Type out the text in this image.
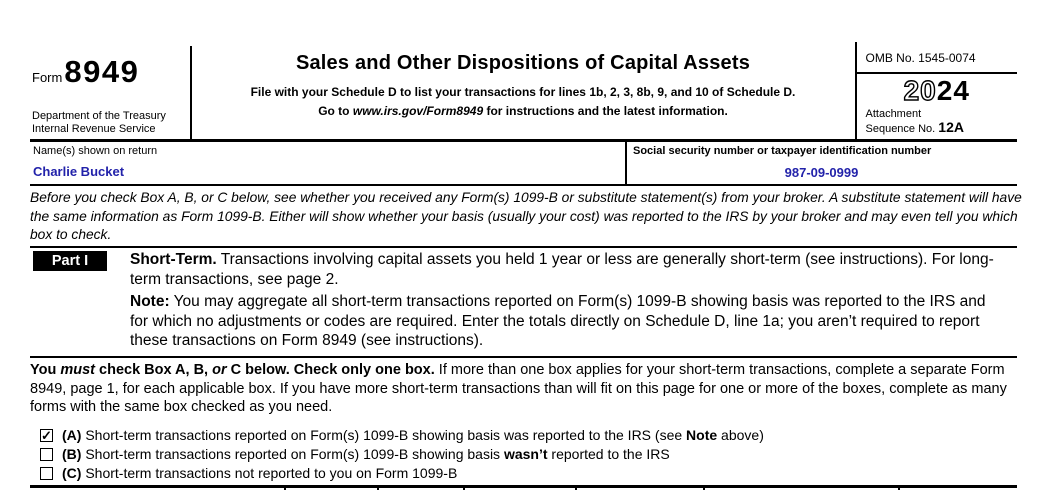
Form8949
Department of the Treasury
Internal Revenue Service
Sales and Other Dispositions of Capital Assets
File with your Schedule D to list your transactions for lines 1b, 2, 3, 8b, 9, and 10 of Schedule D.
Go to www.irs.gov/Form8949 for instructions and the latest information.
OMB No. 1545-0074
2024
Attachment
Sequence No. 12A
Name(s) shown on return
Charlie Bucket
Social security number or taxpayer identification number
987-09-0999
Before you check Box A, B, or C below, see whether you received any Form(s) 1099-B or substitute statement(s) from your broker. A substitute statement will have the same information as Form 1099-B. Either will show whether your basis (usually your cost) was reported to the IRS by your broker and may even tell you which box to check.
Part I	Short-Term. Transactions involving capital assets you held 1 year or less are generally short-term (see instructions). For long-term transactions, see page 2.
Note: You may aggregate all short-term transactions reported on Form(s) 1099-B showing basis was reported to the IRS and for which no adjustments or codes are required. Enter the totals directly on Schedule D, line 1a; you aren’t required to report these transactions on Form 8949 (see instructions).
You must check Box A, B, or C below. Check only one box. If more than one box applies for your short-term transactions, complete a separate Form 8949, page 1, for each applicable box. If you have more short-term transactions than will fit on this page for one or more of the boxes, complete as many forms with the same box checked as you need.
✓ (A) Short-term transactions reported on Form(s) 1099-B showing basis was reported to the IRS (see Note above)
(B) Short-term transactions reported on Form(s) 1099-B showing basis wasn’t reported to the IRS
(C) Short-term transactions not reported to you on Form 1099-B
